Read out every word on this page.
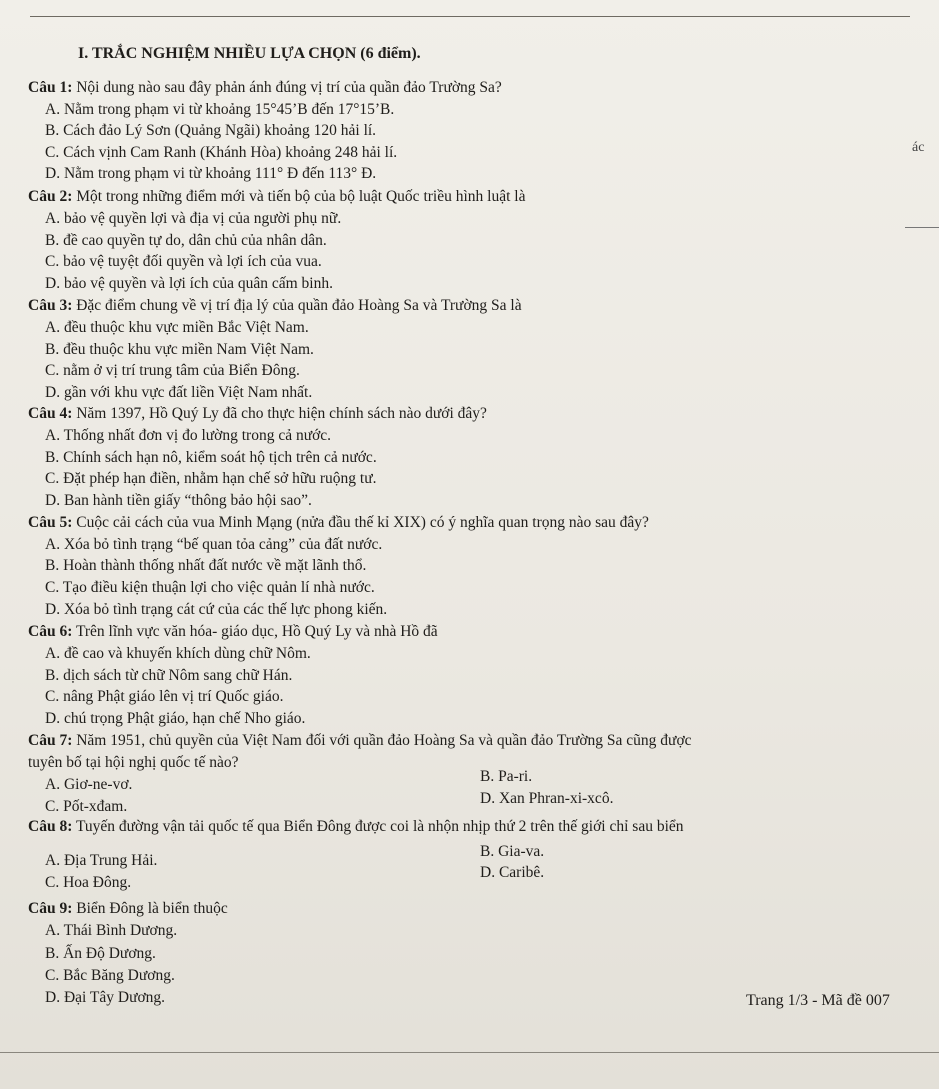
ác
I. TRẮC NGHIỆM NHIỀU LỰA CHỌN (6 điểm).
Câu 1: Nội dung nào sau đây phản ánh đúng vị trí của quần đảo Trường Sa?
A. Nằm trong phạm vi từ khoảng 15°45’B đến 17°15’B.
B. Cách đảo Lý Sơn (Quảng Ngãi) khoảng 120 hải lí.
C. Cách vịnh Cam Ranh (Khánh Hòa) khoảng 248 hải lí.
D. Nằm trong phạm vi từ khoảng 111° Đ đến 113° Đ.
Câu 2: Một trong những điểm mới và tiến bộ của bộ luật Quốc triều hình luật là
A. bảo vệ quyền lợi và địa vị của người phụ nữ.
B. đề cao quyền tự do, dân chủ của nhân dân.
C. bảo vệ tuyệt đối quyền và lợi ích của vua.
D. bảo vệ quyền và lợi ích của quân cấm binh.
Câu 3: Đặc điểm chung về vị trí địa lý của quần đảo Hoàng Sa và Trường Sa là
A. đều thuộc khu vực miền Bắc Việt Nam.
B. đều thuộc khu vực miền Nam Việt Nam.
C. nằm ở vị trí trung tâm của Biển Đông.
D. gần với khu vực đất liền Việt Nam nhất.
Câu 4: Năm 1397, Hồ Quý Ly đã cho thực hiện chính sách nào dưới đây?
A. Thống nhất đơn vị đo lường trong cả nước.
B. Chính sách hạn nô, kiểm soát hộ tịch trên cả nước.
C. Đặt phép hạn điền, nhằm hạn chế sở hữu ruộng tư.
D. Ban hành tiền giấy “thông bảo hội sao”.
Câu 5: Cuộc cải cách của vua Minh Mạng (nửa đầu thế kỉ XIX) có ý nghĩa quan trọng nào sau đây?
A. Xóa bỏ tình trạng “bế quan tỏa cảng” của đất nước.
B. Hoàn thành thống nhất đất nước về mặt lãnh thổ.
C. Tạo điều kiện thuận lợi cho việc quản lí nhà nước.
D. Xóa bỏ tình trạng cát cứ của các thế lực phong kiến.
Câu 6: Trên lĩnh vực văn hóa- giáo dục, Hồ Quý Ly và nhà Hồ đã
A. đề cao và khuyến khích dùng chữ Nôm.
B. dịch sách từ chữ Nôm sang chữ Hán.
C. nâng Phật giáo lên vị trí Quốc giáo.
D. chú trọng Phật giáo, hạn chế Nho giáo.
Câu 7: Năm 1951, chủ quyền của Việt Nam đối với quần đảo Hoàng Sa và quần đảo Trường Sa cũng được
tuyên bố tại hội nghị quốc tế nào?
A. Giơ-ne-vơ.	B. Pa-ri.
C. Pốt-xđam.	D. Xan Phran-xi-xcô.
Câu 8: Tuyến đường vận tải quốc tế qua Biển Đông được coi là nhộn nhịp thứ 2 trên thế giới chỉ sau biển
A. Địa Trung Hải.
B. Gia-va.
C. Hoa Đông.
D. Caribê.
Câu 9: Biển Đông là biển thuộc
A. Thái Bình Dương.
B. Ấn Độ Dương.
C. Bắc Băng Dương.
D. Đại Tây Dương.	Trang 1/3 - Mã đề 007
